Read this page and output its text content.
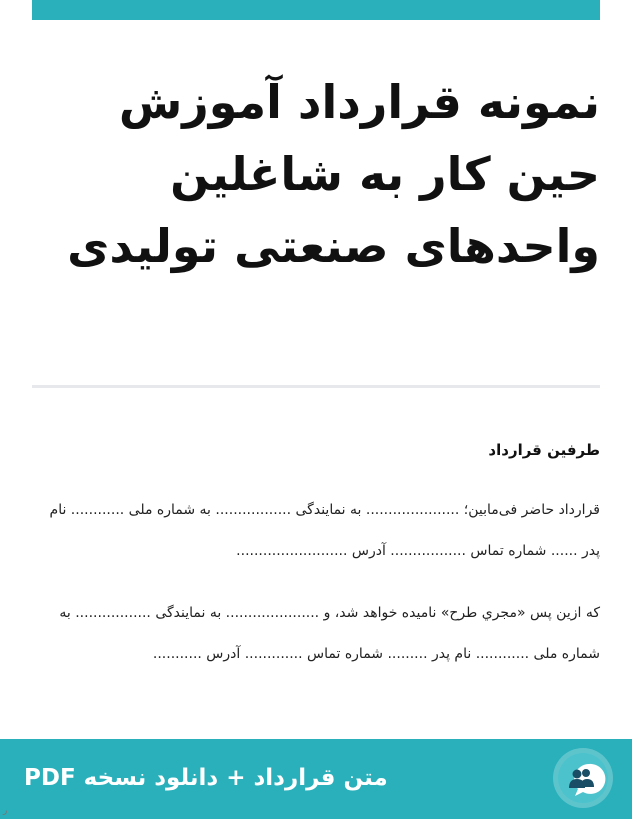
نمونه قرارداد آموزش حین کار به شاغلین واحدهای صنعتی تولیدی
طرفین قرارداد

قرارداد حاضر فی‌مابین؛ ..................... به نمایندگی ................. به شماره ملی ............ نام پدر ...... شماره تماس ................. آدرس .........................

که ازین پس «مجري طرح» نامیده خواهد شد، و ..................... به نمایندگی ................. به شماره ملی ............ نام پدر ......... شماره تماس ............. آدرس ...........

متن قرارداد + دانلود نسخه PDF
ر
